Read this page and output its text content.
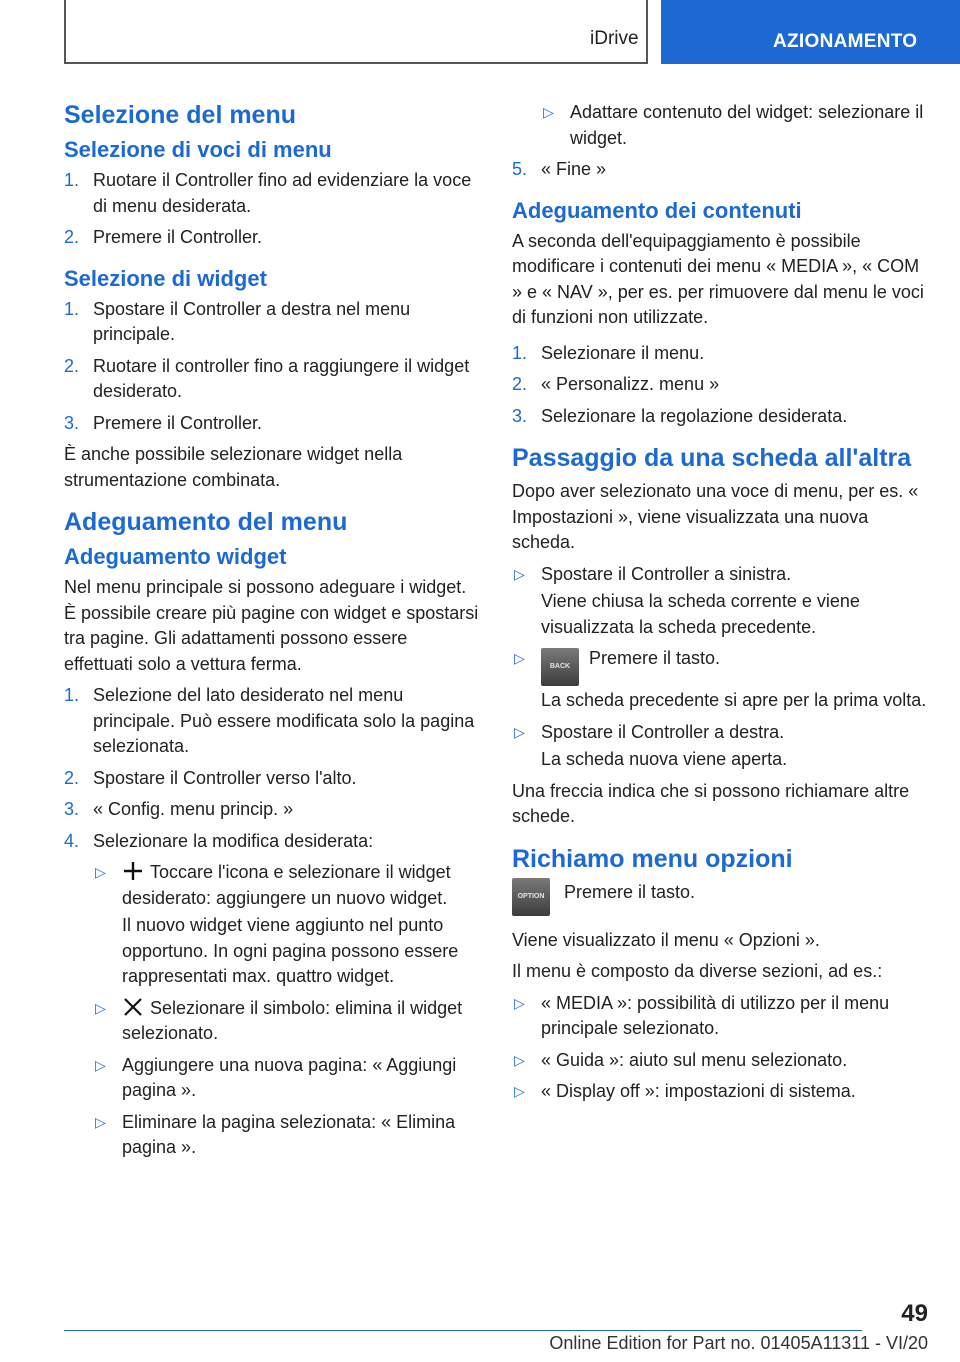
iDrive	AZIONAMENTO
Selezione del menu
Selezione di voci di menu
1. Ruotare il Controller fino ad evidenziare la voce di menu desiderata.
2. Premere il Controller.
Selezione di widget
1. Spostare il Controller a destra nel menu principale.
2. Ruotare il controller fino a raggiungere il widget desiderato.
3. Premere il Controller.

È anche possibile selezionare widget nella strumentazione combinata.

Adeguamento del menu
Adeguamento widget

Nel menu principale si possono adeguare i widget. È possibile creare più pagine con widget e spostarsi tra pagine. Gli adattamenti possono essere effettuati solo a vettura ferma.

1. Selezione del lato desiderato nel menu principale. Può essere modificata solo la pagina selezionata.
2. Spostare il Controller verso l'alto.
3. « Config. menu princip. »
4. Selezionare la modifica desiderata:
▷ Toccare l'icona e selezionare il widget desiderato: aggiungere un nuovo widget.
Il nuovo widget viene aggiunto nel punto opportuno. In ogni pagina possono essere rappresentati max. quattro widget.
▷ Selezionare il simbolo: elimina il widget selezionato.
▷ Aggiungere una nuova pagina: « Aggiungi pagina ».
▷ Eliminare la pagina selezionata: « Elimina pagina ».
▷ Adattare contenuto del widget: selezionare il widget.
5. « Fine »
Adeguamento dei contenuti

A seconda dell'equipaggiamento è possibile modificare i contenuti dei menu « MEDIA », « COM » e « NAV », per es. per rimuovere dal menu le voci di funzioni non utilizzate.

1. Selezionare il menu.
2. « Personalizz. menu »
3. Selezionare la regolazione desiderata.
Passaggio da una scheda all'altra

Dopo aver selezionato una voce di menu, per es. « Impostazioni », viene visualizzata una nuova scheda.

▷ Spostare il Controller a sinistra.
Viene chiusa la scheda corrente e viene visualizzata la scheda precedente.
▷
BACK Premere il tasto.
La scheda precedente si apre per la prima volta.
▷ Spostare il Controller a destra.
La scheda nuova viene aperta.

Una freccia indica che si possono richiamare altre schede.

Richiamo menu opzioni
OPTION	Premere il tasto.

Viene visualizzato il menu « Opzioni ».

Il menu è composto da diverse sezioni, ad es.:

▷ « MEDIA »: possibilità di utilizzo per il menu principale selezionato.
▷ « Guida »: aiuto sul menu selezionato.
▷ « Display off »: impostazioni di sistema.
49
Online Edition for Part no. 01405A11311 - VI/20
